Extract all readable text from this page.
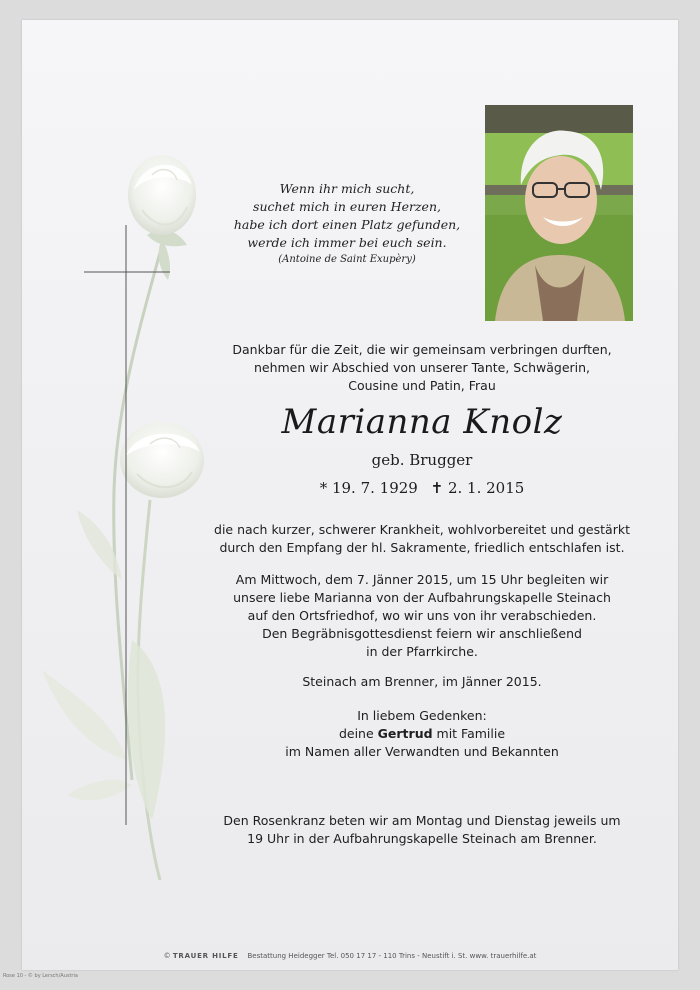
Wenn ihr mich sucht,
suchet mich in euren Herzen,
habe ich dort einen Platz gefunden,
werde ich immer bei euch sein.
(Antoine de Saint Exupèry)
Dankbar für die Zeit, die wir gemeinsam verbringen durften,
nehmen wir Abschied von unserer Tante, Schwägerin,
Cousine und Patin, Frau
Marianna Knolz
geb. Brugger
* 19. 7. 1929 ✝ 2. 1. 2015
die nach kurzer, schwerer Krankheit, wohlvorbereitet und gestärkt
durch den Empfang der hl. Sakramente, friedlich entschlafen ist.
Am Mittwoch, dem 7. Jänner 2015, um 15 Uhr begleiten wir
unsere liebe Marianna von der Aufbahrungskapelle Steinach
auf den Ortsfriedhof, wo wir uns von ihr verabschieden.
Den Begräbnisgottesdienst feiern wir anschließend
in der Pfarrkirche.
Steinach am Brenner, im Jänner 2015.
In liebem Gedenken:
deine Gertrud mit Familie
im Namen aller Verwandten und Bekannten
Den Rosenkranz beten wir am Montag und Dienstag jeweils um
19 Uhr in der Aufbahrungskapelle Steinach am Brenner.
© TRAUER HILFE Bestattung Heidegger Tel. 050 17 17 - 110 Trins - Neustift i. St. www. trauerhilfe.at
Rose 10 - © by Lersch/Austria
